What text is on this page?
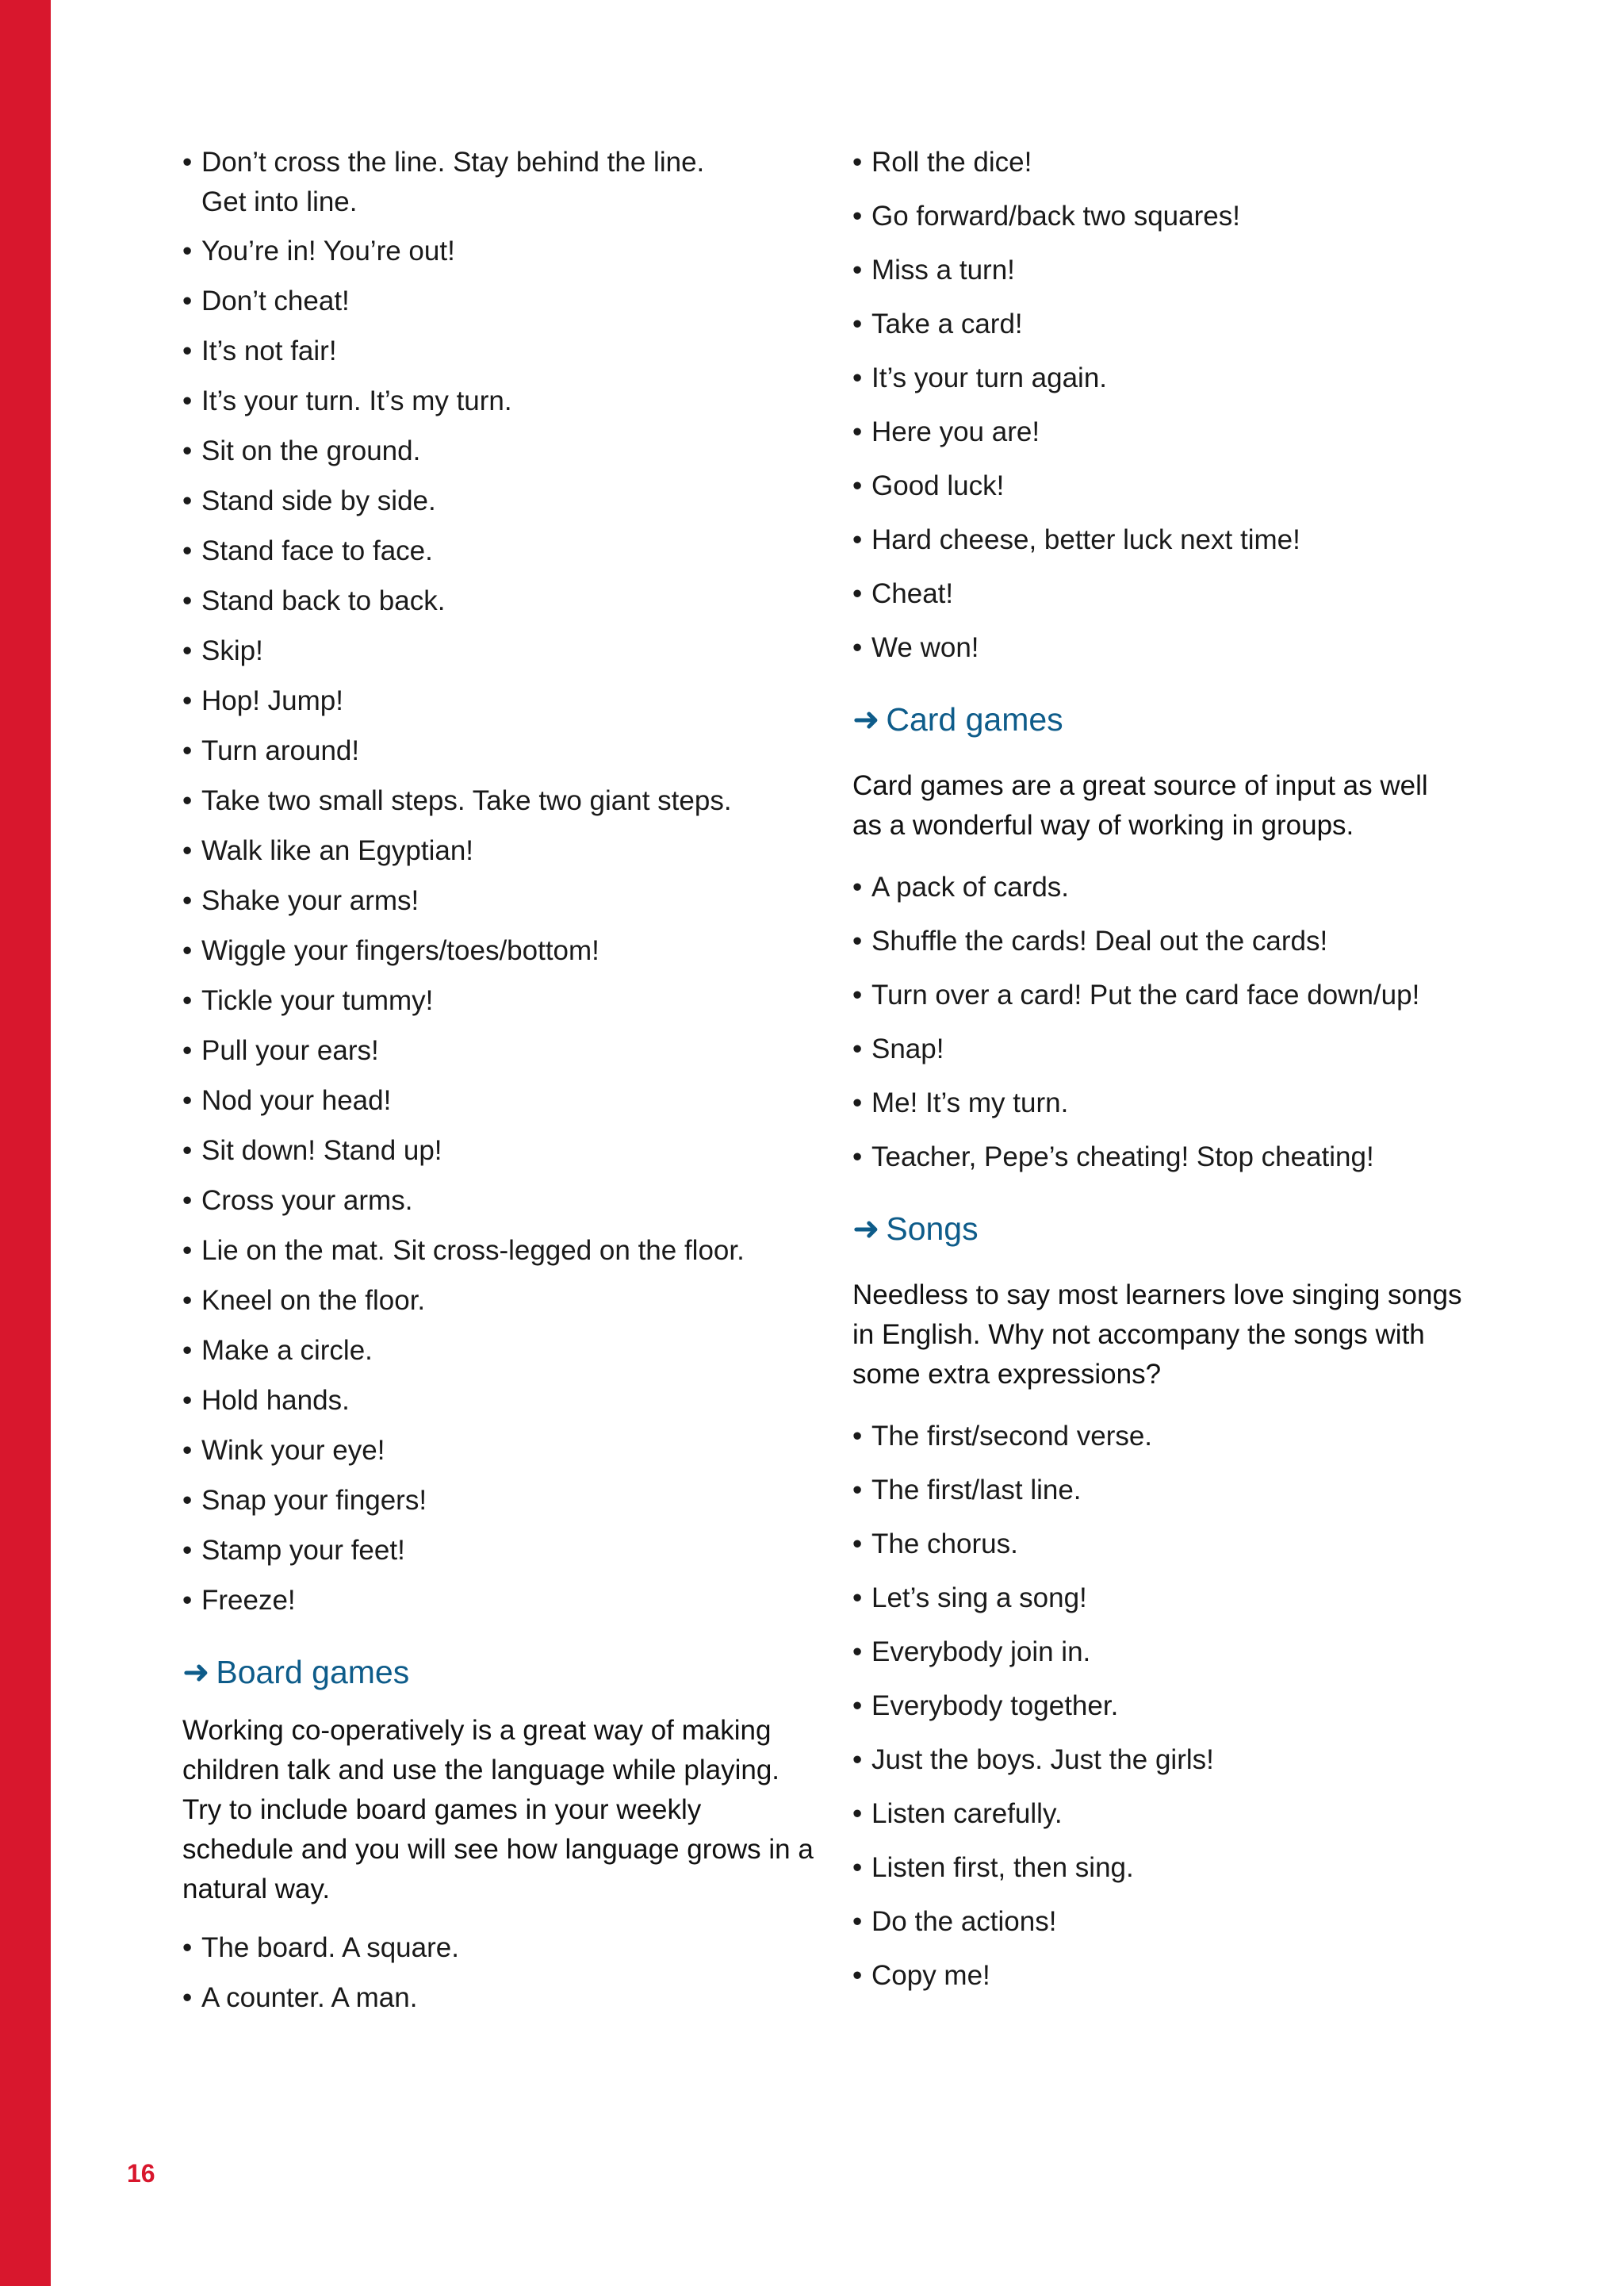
• Don’t cross the line. Stay behind the line. Get into line.
• You’re in! You’re out!
• Don’t cheat!
• It’s not fair!
• It’s your turn. It’s my turn.
• Sit on the ground.
• Stand side by side.
• Stand face to face.
• Stand back to back.
• Skip!
• Hop! Jump!
• Turn around!
• Take two small steps. Take two giant steps.
• Walk like an Egyptian!
• Shake your arms!
• Wiggle your fingers/toes/bottom!
• Tickle your tummy!
• Pull your ears!
• Nod your head!
• Sit down! Stand up!
• Cross your arms.
• Lie on the mat. Sit cross-legged on the floor.
• Kneel on the floor.
• Make a circle.
• Hold hands.
• Wink your eye!
• Snap your fingers!
• Stamp your feet!
• Freeze!
➜ Board games

Working co-operatively is a great way of making children talk and use the language while playing. Try to include board games in your weekly schedule and you will see how language grows in a natural way.

• The board. A square.
• A counter. A man.
• Roll the dice!
• Go forward/back two squares!
• Miss a turn!
• Take a card!
• It’s your turn again.
• Here you are!
• Good luck!
• Hard cheese, better luck next time!
• Cheat!
• We won!
➜ Card games

Card games are a great source of input as well as a wonderful way of working in groups.

• A pack of cards.
• Shuffle the cards! Deal out the cards!
• Turn over a card! Put the card face down/up!
• Snap!
• Me! It’s my turn.
• Teacher, Pepe’s cheating! Stop cheating!
➜ Songs

Needless to say most learners love singing songs in English. Why not accompany the songs with some extra expressions?

• The first/second verse.
• The first/last line.
• The chorus.
• Let’s sing a song!
• Everybody join in.
• Everybody together.
• Just the boys. Just the girls!
• Listen carefully.
• Listen first, then sing.
• Do the actions!
• Copy me!
16
